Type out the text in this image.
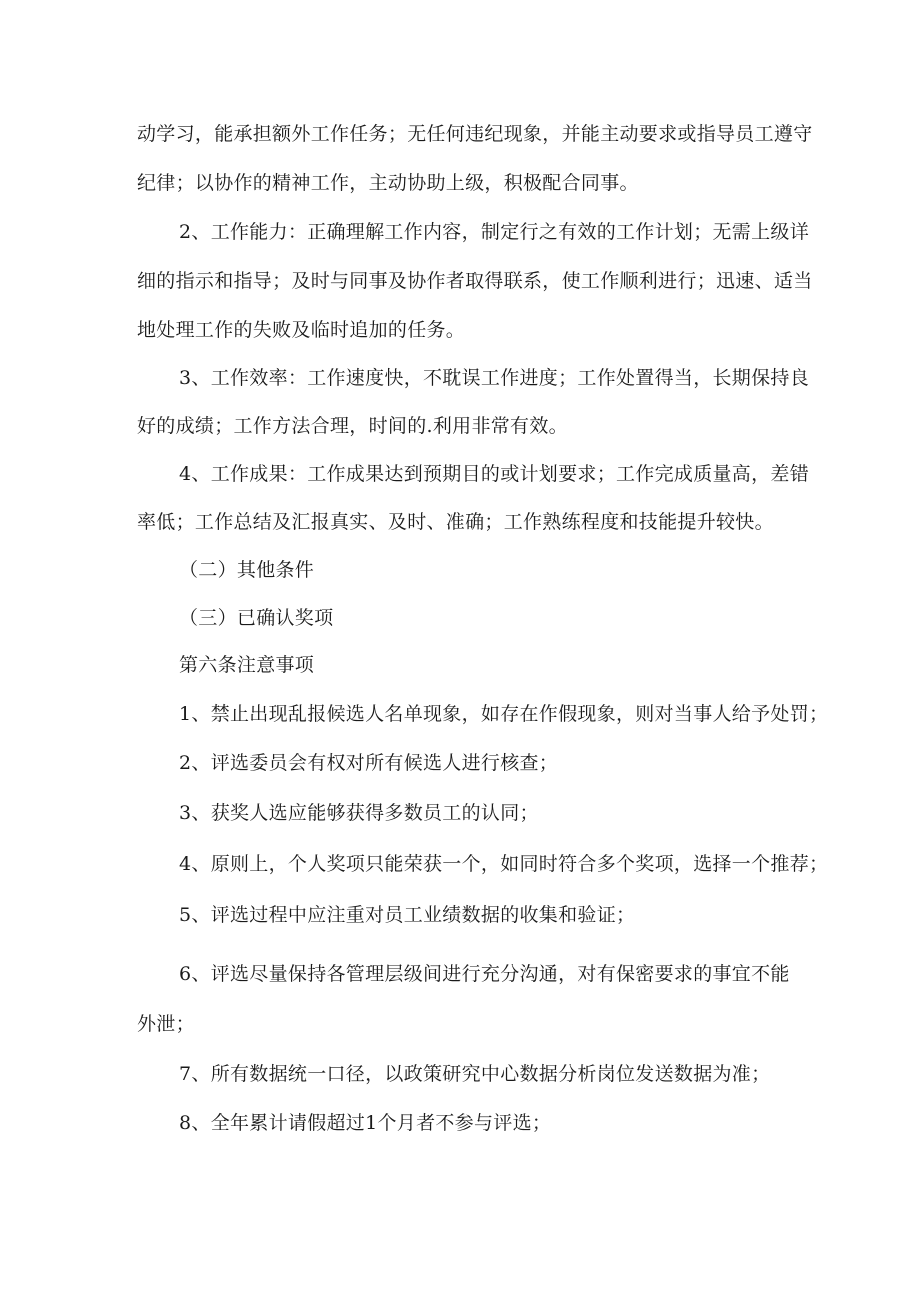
动学习，能承担额外工作任务；无任何违纪现象，并能主动要求或指导员工遵守
纪律；以协作的精神工作，主动协助上级，积极配合同事。
2、工作能力：正确理解工作内容，制定行之有效的工作计划；无需上级详
细的指示和指导；及时与同事及协作者取得联系，使工作顺利进行；迅速、适当
地处理工作的失败及临时追加的任务。
3、工作效率：工作速度快，不耽误工作进度；工作处置得当，长期保持良
好的成绩；工作方法合理，时间的.利用非常有效。
4、工作成果：工作成果达到预期目的或计划要求；工作完成质量高，差错
率低；工作总结及汇报真实、及时、准确；工作熟练程度和技能提升较快。
（二）其他条件
（三）已确认奖项
第六条注意事项
1、禁止出现乱报候选人名单现象，如存在作假现象，则对当事人给予处罚；
2、评选委员会有权对所有候选人进行核查；
3、获奖人选应能够获得多数员工的认同；
4、原则上，个人奖项只能荣获一个，如同时符合多个奖项，选择一个推荐；
5、评选过程中应注重对员工业绩数据的收集和验证；
6、评选尽量保持各管理层级间进行充分沟通，对有保密要求的事宜不能
外泄；
7、所有数据统一口径，以政策研究中心数据分析岗位发送数据为准；
8、全年累计请假超过1个月者不参与评选；
